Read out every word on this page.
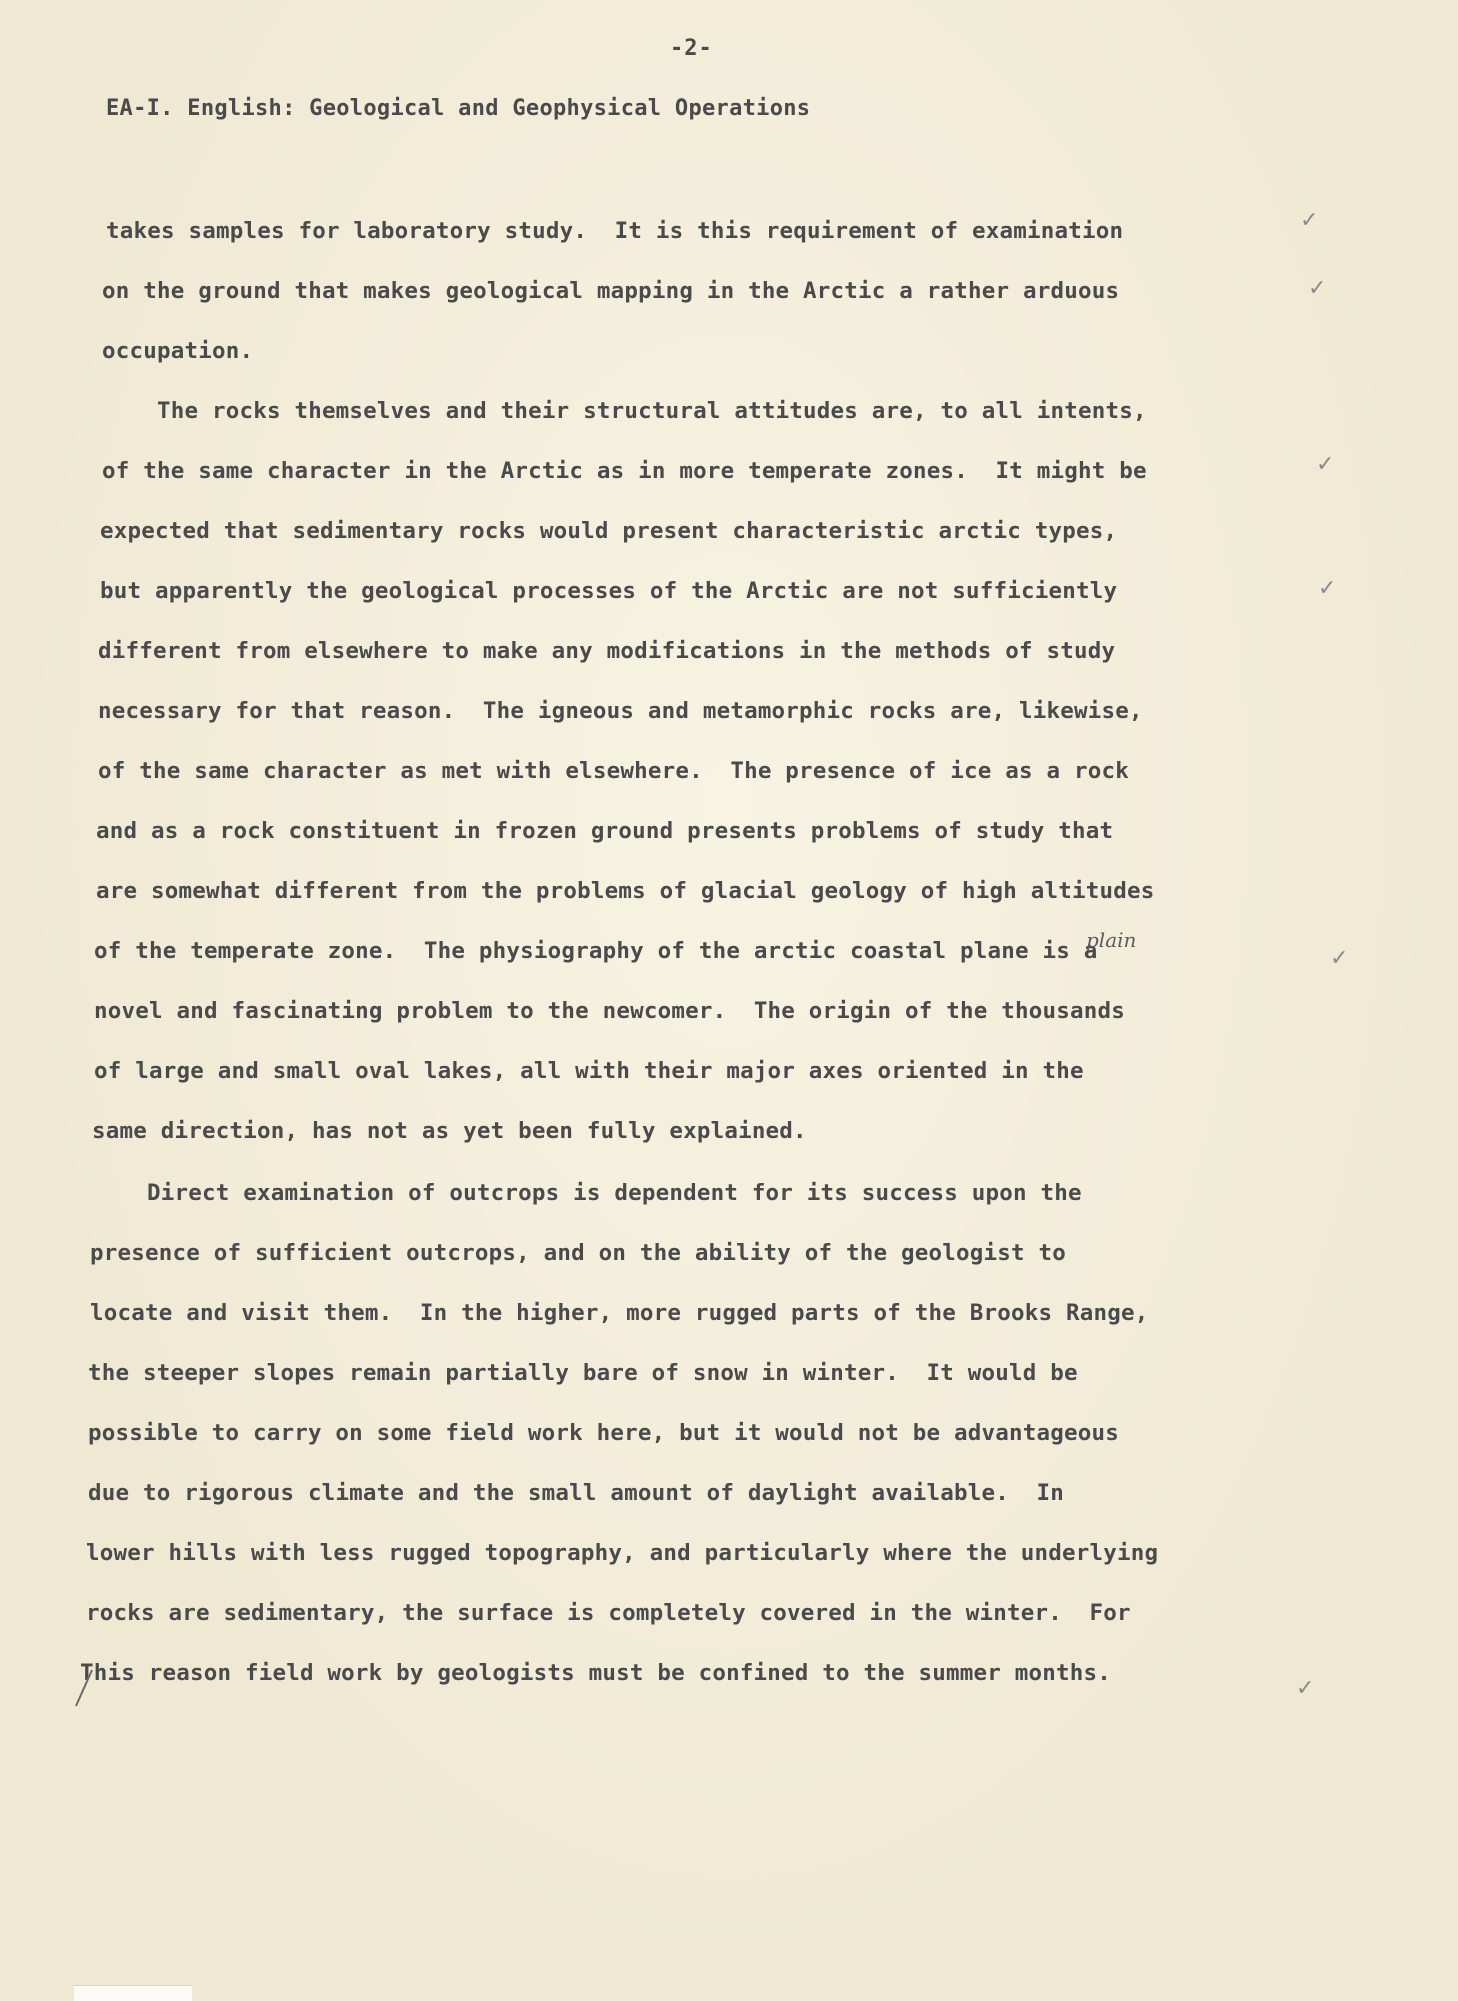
-2-
EA-I. English: Geological and Geophysical Operations
takes samples for laboratory study.  It is this requirement of examination
on the ground that makes geological mapping in the Arctic a rather arduous
occupation.
The rocks themselves and their structural attitudes are, to all intents,
of the same character in the Arctic as in more temperate zones.  It might be
expected that sedimentary rocks would present characteristic arctic types,
but apparently the geological processes of the Arctic are not sufficiently
different from elsewhere to make any modifications in the methods of study
necessary for that reason.  The igneous and metamorphic rocks are, likewise,
of the same character as met with elsewhere.  The presence of ice as a rock
and as a rock constituent in frozen ground presents problems of study that
are somewhat different from the problems of glacial geology of high altitudes
of the temperate zone.  The physiography of the arctic coastal plane is a
novel and fascinating problem to the newcomer.  The origin of the thousands
of large and small oval lakes, all with their major axes oriented in the
same direction, has not as yet been fully explained.
Direct examination of outcrops is dependent for its success upon the
presence of sufficient outcrops, and on the ability of the geologist to
locate and visit them.  In the higher, more rugged parts of the Brooks Range,
the steeper slopes remain partially bare of snow in winter.  It would be
possible to carry on some field work here, but it would not be advantageous
due to rigorous climate and the small amount of daylight available.  In
lower hills with less rugged topography, and particularly where the underlying
rocks are sedimentary, the surface is completely covered in the winter.  For
This reason field work by geologists must be confined to the summer months.
plain
✓
✓
✓
✓
✓
✓
